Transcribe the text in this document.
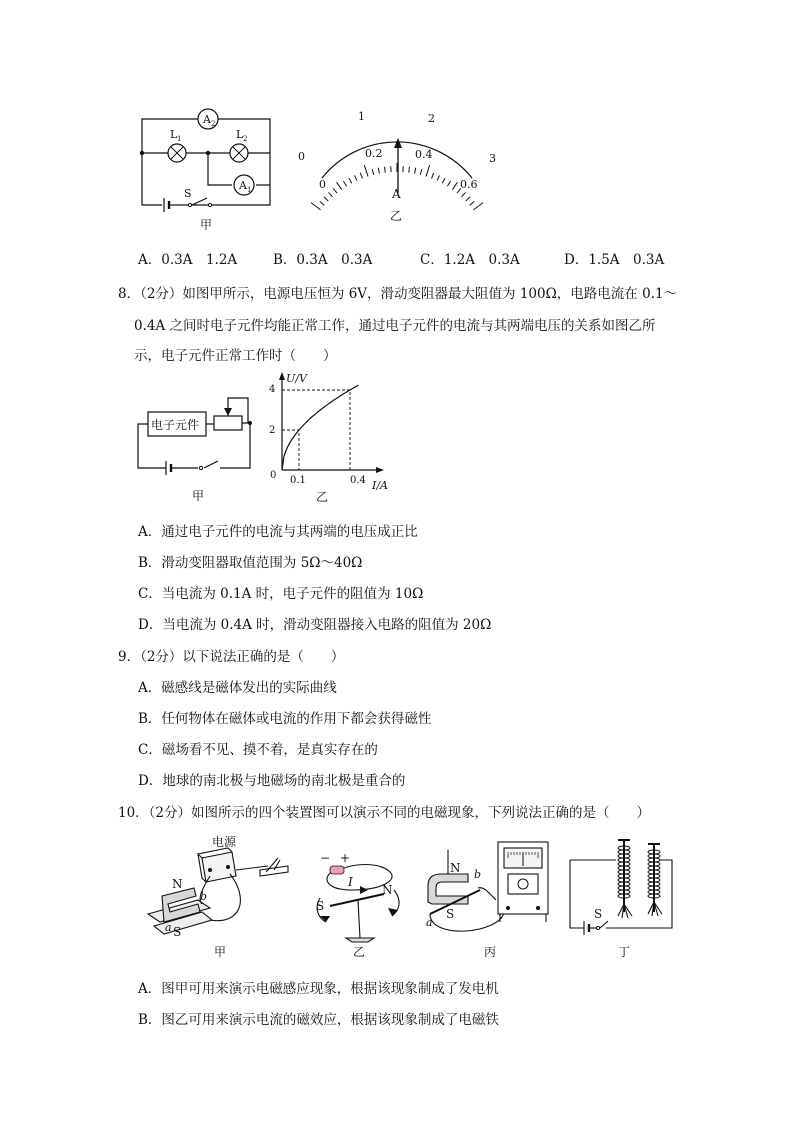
A 2
L 1	L 2
A 1
S
甲
0
1	2
3
0
0.2	0.4
0.6
A
乙
A．0.3A　1.2A	B．0.3A　0.3A	C．1.2A　0.3A	D．1.5A　0.3A
8．（2分）如图甲所示，电源电压恒为 6V，滑动变阻器最大阻值为 100Ω，电路电流在 0.1～
0.4A 之间时电子元件均能正常工作，通过电子元件的电流与其两端电压的关系如图乙所
示，电子元件正常工作时（　　）
电子元件
甲
U/V
4
2
0 0.1	0.4 I/A
乙
A．通过电子元件的电流与其两端的电压成正比
B．滑动变阻器取值范围为 5Ω～40Ω
C．当电流为 0.1A 时，电子元件的阻值为 10Ω
D．当电流为 0.4A 时，滑动变阻器接入电路的阻值为 20Ω
9．（2分）以下说法正确的是（　　）
A．磁感线是磁体发出的实际曲线
B．任何物体在磁体或电流的作用下都会获得磁性
C．磁场看不见、摸不着，是真实存在的
D．地球的南北极与地磁场的南北极是重合的
10．（2分）如图所示的四个装置图可以演示不同的电磁现象，下列说法正确的是（　　）
电源
N
b
a S
甲
− +
I
N
S
乙
N b
a
S
丙
S
丁
A．图甲可用来演示电磁感应现象，根据该现象制成了发电机
B．图乙可用来演示电流的磁效应，根据该现象制成了电磁铁
